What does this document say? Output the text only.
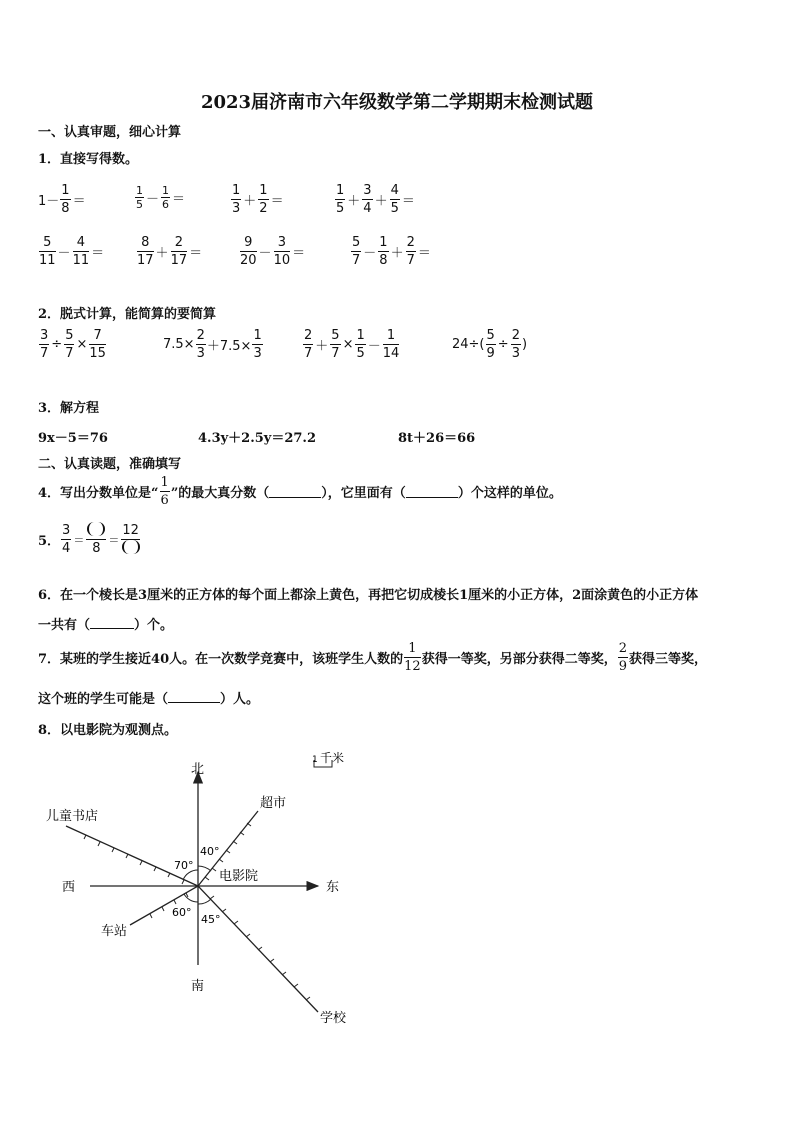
2023届济南市六年级数学第二学期期末检测试题
一、认真审题，细心计算
1．直接写得数。
$1- \frac{1}{8}$ ＝	$\frac{1}{5} - \frac{1}{6}$ ＝	$\frac{1}{3} + \frac{1}{2}$ ＝	$\frac{1}{5} + \frac{3}{4} + \frac{4}{5}$ ＝
$\frac{5}{11} - \frac{4}{11}$ ＝	$\frac{8}{17} + \frac{2}{17}$ ＝	$\frac{9}{20} - \frac{3}{10}$ ＝	$\frac{5}{7} - \frac{1}{8} + \frac{2}{7}$ ＝
2．脱式计算，能简算的要简算
$\frac{3}{7} \div \frac{5}{7} \times \frac{7}{15}$	$7.5\times \frac{2}{3} +7.5\times \frac{1}{3}$	$\frac{2}{7} + \frac{5}{7} \times \frac{1}{5} - \frac{1}{14}$	$24\div( \frac{5}{9} \div \frac{2}{3}$ )
3．解方程
9x－5＝76	4.3y＋2.5y＝27.2	8t＋26＝66
二、认真读题，准确填写
4．写出分数单位是“ $\frac{1}{6}$ ”的最大真分数（	），它里面有（	）个这样的单位。
5． $\frac{3}{4}$ ＝
8
＝
12
6．在一个棱长是3厘米的正方体的每个面上都涂上黄色，再把它切成棱长1厘米的小正方体，2面涂黄色的小正方体
一共有（	）个。
7．某班的学生接近40人。在一次数学竞赛中，该班学生人数的 $\frac{1}{12}$ 获得一等奖，另部分获得二等奖， $\frac{2}{9}$ 获得三等奖，
这个班的学生可能是（	）人。
8．以电影院为观测点。
1 千米
北
南
东
西
电影院
超市
儿童书店
车站
学校
40°
70°
60°
45°
